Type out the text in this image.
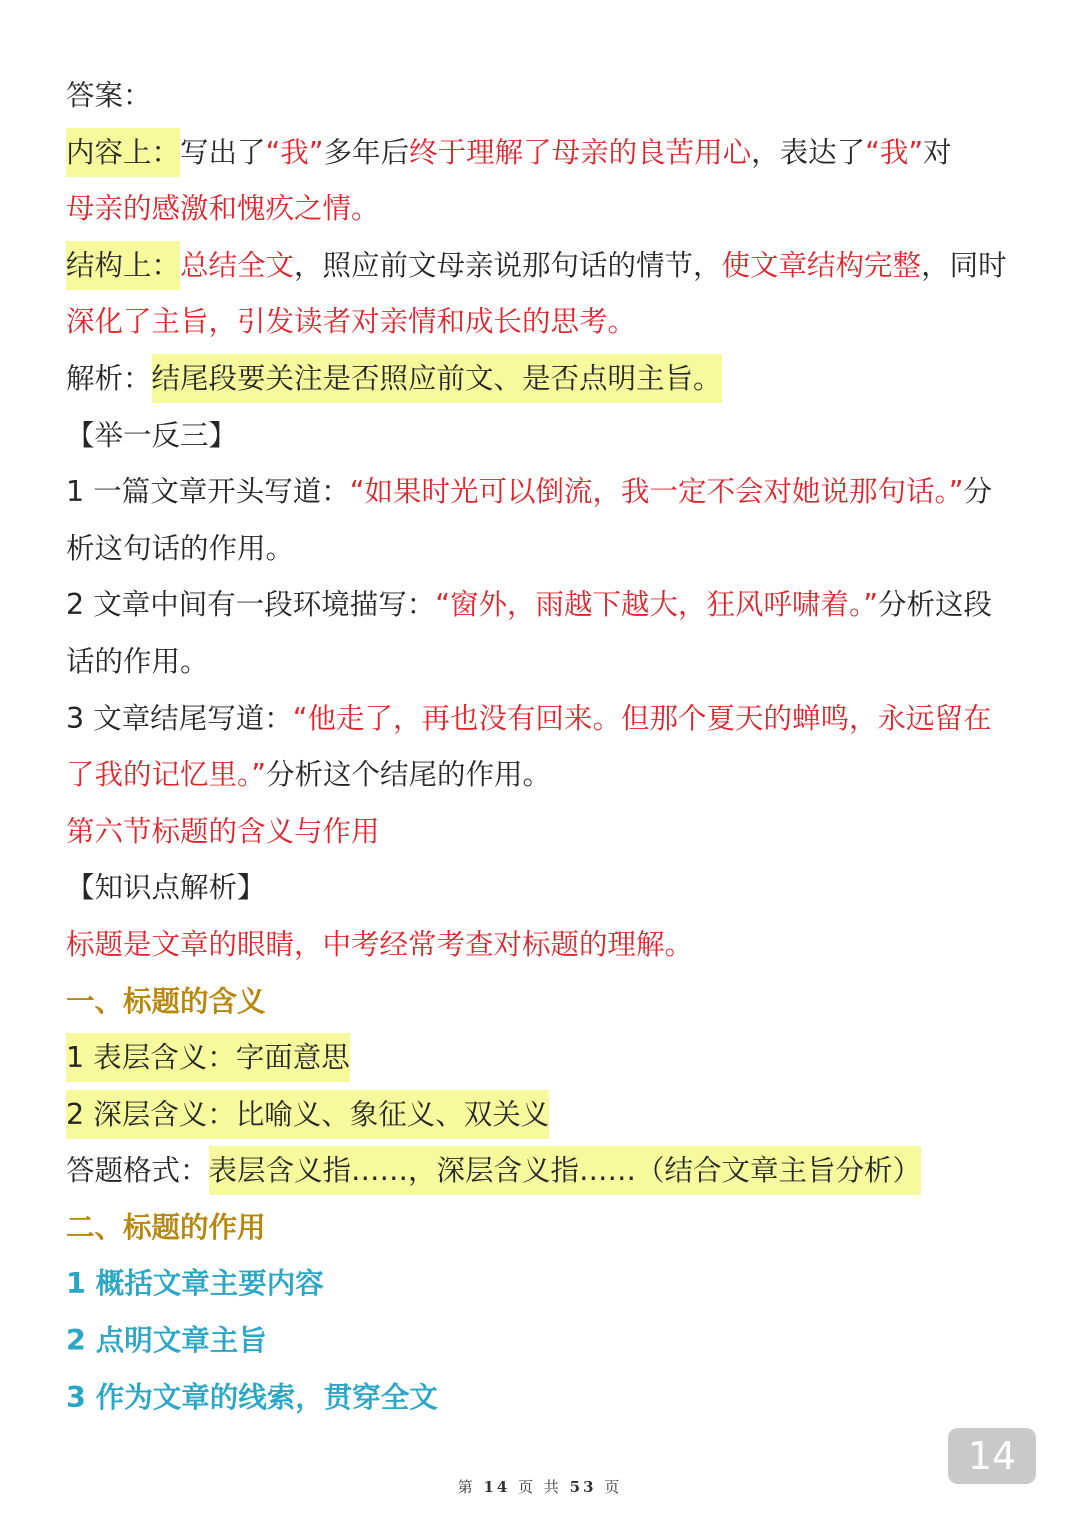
答案：
内容上：写出了“我”多年后终于理解了母亲的良苦用心，表达了“我”对
母亲的感激和愧疚之情。
结构上：总结全文，照应前文母亲说那句话的情节，使文章结构完整，同时
深化了主旨，引发读者对亲情和成长的思考。
解析：结尾段要关注是否照应前文、是否点明主旨。
【举一反三】
1 一篇文章开头写道：“如果时光可以倒流，我一定不会对她说那句话。”分
析这句话的作用。
2 文章中间有一段环境描写：“窗外，雨越下越大，狂风呼啸着。”分析这段
话的作用。
3 文章结尾写道：“他走了，再也没有回来。但那个夏天的蝉鸣，永远留在
了我的记忆里。”分析这个结尾的作用。
第六节标题的含义与作用
【知识点解析】
标题是文章的眼睛，中考经常考查对标题的理解。
一、标题的含义
1 表层含义：字面意思
2 深层含义：比喻义、象征义、双关义
答题格式：表层含义指……，深层含义指……（结合文章主旨分析）
二、标题的作用
1 概括文章主要内容
2 点明文章主旨
3 作为文章的线索，贯穿全文
14
第 14 页 共 53 页
